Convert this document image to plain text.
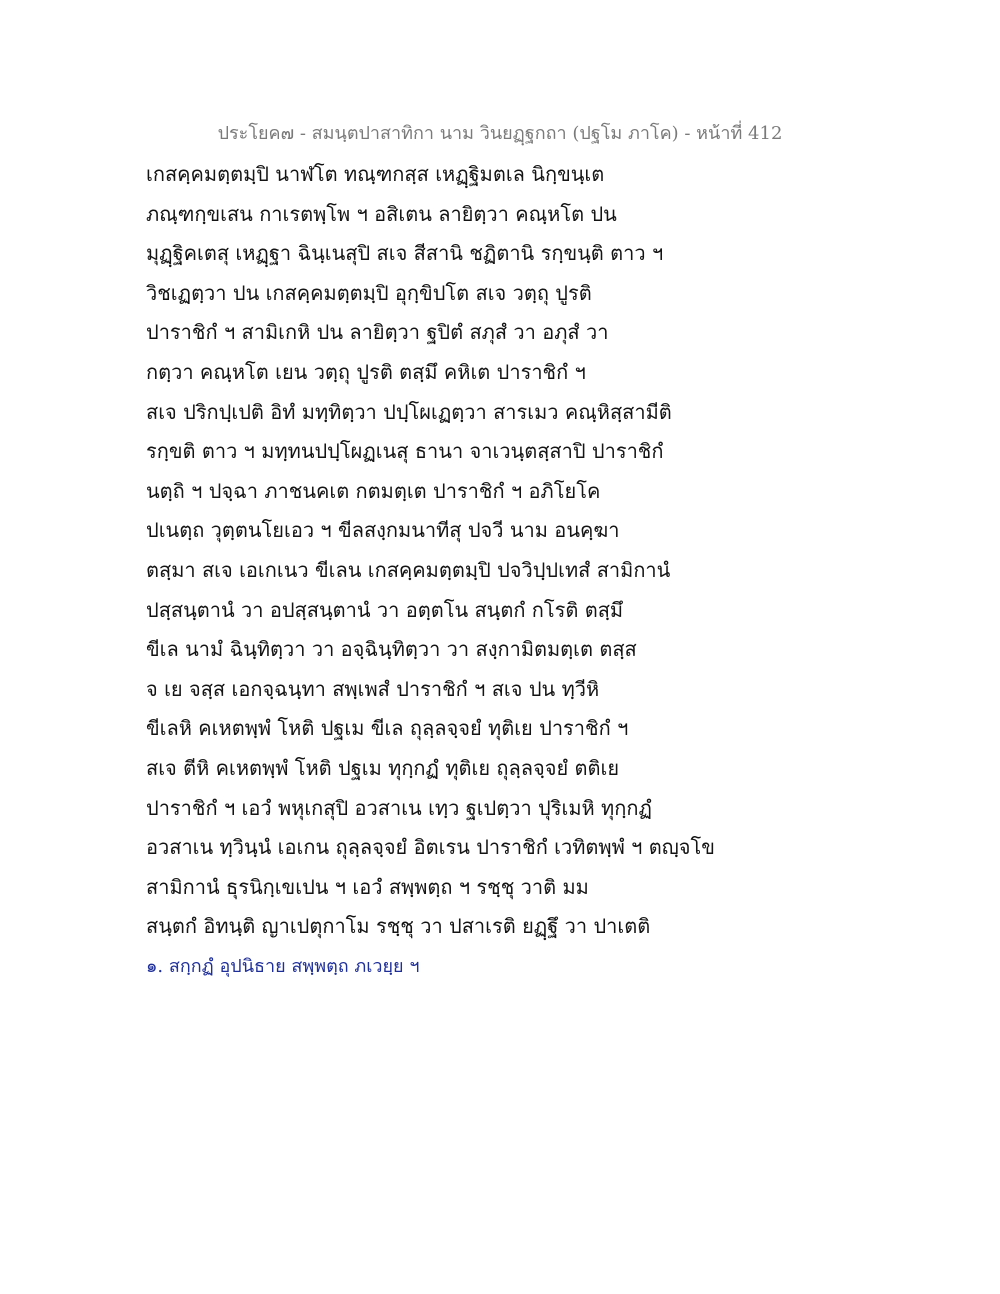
ประโยค๗ - สมนฺตปาสาทิกา นาม วินยฏฺฐกถา (ปฐโม ภาโค) - หน้าที่ 412
เกสคฺคมตฺตมฺปิ นาฬโต ทณฺฑกสฺส เหฏฺฐิมตเล นิกฺขนฺเต
ภณฺฑกฺขเสน กาเรตพฺโพ ฯ อสิเตน ลายิตฺวา คณฺหโต ปน
มุฏฺฐิคเตสุ เหฏฺฐา ฉินฺเนสุปิ สเจ สีสานิ ชฏิตานิ รกฺขนฺติ ตาว ฯ
วิชเฏตฺวา ปน เกสคฺคมตฺตมฺปิ อุกฺขิปโต สเจ วตฺถุ ปูรติ
ปาราชิกํ ฯ สามิเกหิ ปน ลายิตฺวา ฐปิตํ สภุสํ วา อภุสํ วา
กตฺวา คณฺหโต เยน วตฺถุ ปูรติ ตสฺมึ คหิเต ปาราชิกํ ฯ
สเจ ปริกปฺเปติ อิทํ มทฺทิตฺวา ปปฺโผเฏตฺวา สารเมว คณฺหิสฺสามีติ
รกฺขติ ตาว ฯ มทฺทนปปฺโผฏเนสุ ธานา จาเวนฺตสฺสาปิ ปาราชิกํ
นตฺถิ ฯ ปจฺฉา ภาชนคเต กตมตฺเต ปาราชิกํ ฯ อภิโยโค
ปเนตฺถ วุตฺตนโยเอว ฯ ขีลสงฺกมนาทีสุ ปจวี นาม อนคฺฆา
ตสฺมา สเจ เอเกเนว ขีเลน เกสคฺคมตฺตมฺปิ ปจวิปฺปเทสํ สามิกานํ
ปสฺสนฺตานํ วา อปสฺสนฺตานํ วา อตฺตโน สนฺตกํ กโรติ ตสฺมึ
ขีเล นามํ ฉินฺทิตฺวา วา อจฺฉินฺทิตฺวา วา สงฺกามิตมตฺเต ตสฺส
จ เย จสฺส เอกจฺฉนฺทา สพฺเพสํ ปาราชิกํ ฯ สเจ ปน ทฺวีหิ
ขีเลหิ คเหตพฺพํ โหติ ปฐเม ขีเล ถุลฺลจฺจยํ ทุติเย ปาราชิกํ ฯ
สเจ ตีหิ คเหตพฺพํ โหติ ปฐเม ทุกฺกฏํ ทุติเย ถุลฺลจฺจยํ ตติเย
ปาราชิกํ ฯ เอวํ พหุเกสุปิ อวสาเน เทฺว ฐเปตฺวา ปุริเมหิ ทุกฺกฏํ
อวสาเน ทฺวินฺนํ เอเกน ถุลฺลจฺจยํ อิตเรน ปาราชิกํ เวทิตพฺพํ ฯ ตญฺจโข
สามิกานํ ธุรนิกฺเขเปน ฯ เอวํ สพฺพตฺถ ฯ รชฺชุ วาติ มม
สนฺตกํ อิทนฺติ ญาเปตุกาโม รชฺชุ วา ปสาเรติ ยฏฺฐึ วา ปาเตติ
๑. สกฺกฏํ อุปนิธาย สพฺพตฺถ ภเวยฺย ฯ
